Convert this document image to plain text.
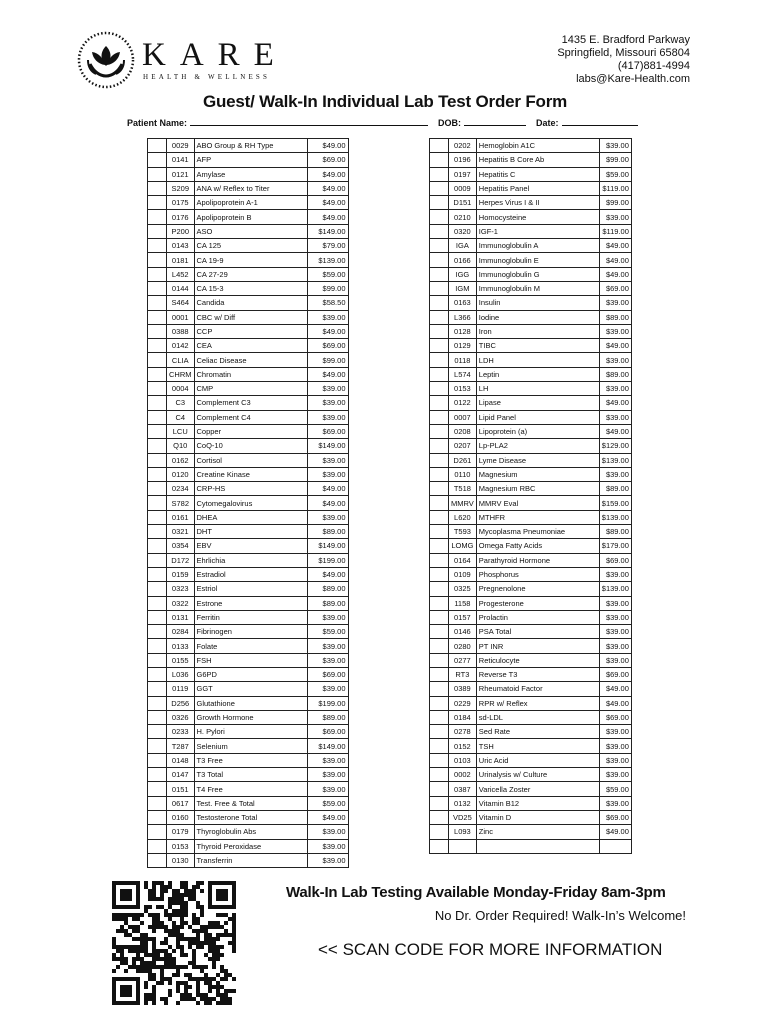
KARE
HEALTH & WELLNESS
1435 E. Bradford Parkway
Springfield, Missouri 65804
(417)881-4994
labs@Kare-Health.com
Guest/ Walk-In Individual Lab Test Order Form
Patient Name:	DOB:	Date:
	0029	ABO Group & RH Type	$49.00
	0141	AFP	$69.00
	0121	Amylase	$49.00
	S209	ANA w/ Reflex to Titer	$49.00
	0175	Apolipoprotein A-1	$49.00
	0176	Apolipoprotein B	$49.00
	P200	ASO	$149.00
	0143	CA 125	$79.00
	0181	CA 19-9	$139.00
	L452	CA 27-29	$59.00
	0144	CA 15-3	$99.00
	S464	Candida	$58.50
	0001	CBC w/ Diff	$39.00
	0388	CCP	$49.00
	0142	CEA	$69.00
	CLIA	Celiac Disease	$99.00
	CHRM	Chromatin	$49.00
	0004	CMP	$39.00
	C3	Complement C3	$39.00
	C4	Complement C4	$39.00
	LCU	Copper	$69.00
	Q10	CoQ-10	$149.00
	0162	Cortisol	$39.00
	0120	Creatine Kinase	$39.00
	0234	CRP-HS	$49.00
	S782	Cytomegalovirus	$49.00
	0161	DHEA	$39.00
	0321	DHT	$89.00
	0354	EBV	$149.00
	D172	Ehrlichia	$199.00
	0159	Estradiol	$49.00
	0323	Estriol	$89.00
	0322	Estrone	$89.00
	0131	Ferritin	$39.00
	0284	Fibrinogen	$59.00
	0133	Folate	$39.00
	0155	FSH	$39.00
	L036	G6PD	$69.00
	0119	GGT	$39.00
	D256	Glutathione	$199.00
	0326	Growth Hormone	$89.00
	0233	H. Pylori	$69.00
	T287	Selenium	$149.00
	0148	T3 Free	$39.00
	0147	T3 Total	$39.00
	0151	T4 Free	$39.00
	0617	Test. Free & Total	$59.00
	0160	Testosterone Total	$49.00
	0179	Thyroglobulin Abs	$39.00
	0153	Thyroid Peroxidase	$39.00
	0130	Transferrin	$39.00
	0202	Hemoglobin A1C	$39.00
	0196	Hepatitis B Core Ab	$99.00
	0197	Hepatitis C	$59.00
	0009	Hepatitis Panel	$119.00
	D151	Herpes Virus I & II	$99.00
	0210	Homocysteine	$39.00
	0320	IGF-1	$119.00
	IGA	Immunoglobulin A	$49.00
	0166	Immunoglobulin E	$49.00
	IGG	Immunoglobulin G	$49.00
	IGM	Immunoglobulin M	$69.00
	0163	Insulin	$39.00
	L366	Iodine	$89.00
	0128	Iron	$39.00
	0129	TIBC	$49.00
	0118	LDH	$39.00
	L574	Leptin	$89.00
	0153	LH	$39.00
	0122	Lipase	$49.00
	0007	Lipid Panel	$39.00
	0208	Lipoprotein (a)	$49.00
	0207	Lp-PLA2	$129.00
	D261	Lyme Disease	$139.00
	0110	Magnesium	$39.00
	T518	Magnesium RBC	$89.00
	MMRV	MMRV Eval	$159.00
	L620	MTHFR	$139.00
	T593	Mycoplasma Pneumoniae	$89.00
	LOMG	Omega Fatty Acids	$179.00
	0164	Parathyroid Hormone	$69.00
	0109	Phosphorus	$39.00
	0325	Pregnenolone	$139.00
	1158	Progesterone	$39.00
	0157	Prolactin	$39.00
	0146	PSA Total	$39.00
	0280	PT INR	$39.00
	0277	Reticulocyte	$39.00
	RT3	Reverse T3	$69.00
	0389	Rheumatoid Factor	$49.00
	0229	RPR w/ Reflex	$49.00
	0184	sd-LDL	$69.00
	0278	Sed Rate	$39.00
	0152	TSH	$39.00
	0103	Uric Acid	$39.00
	0002	Urinalysis w/ Culture	$39.00
	0387	Varicella Zoster	$59.00
	0132	Vitamin B12	$39.00
	VD25	Vitamin D	$69.00
	L093	Zinc	$49.00

Walk-In Lab Testing Available Monday-Friday 8am-3pm
No Dr. Order Required! Walk-In’s Welcome!
<< SCAN CODE FOR MORE INFORMATION
